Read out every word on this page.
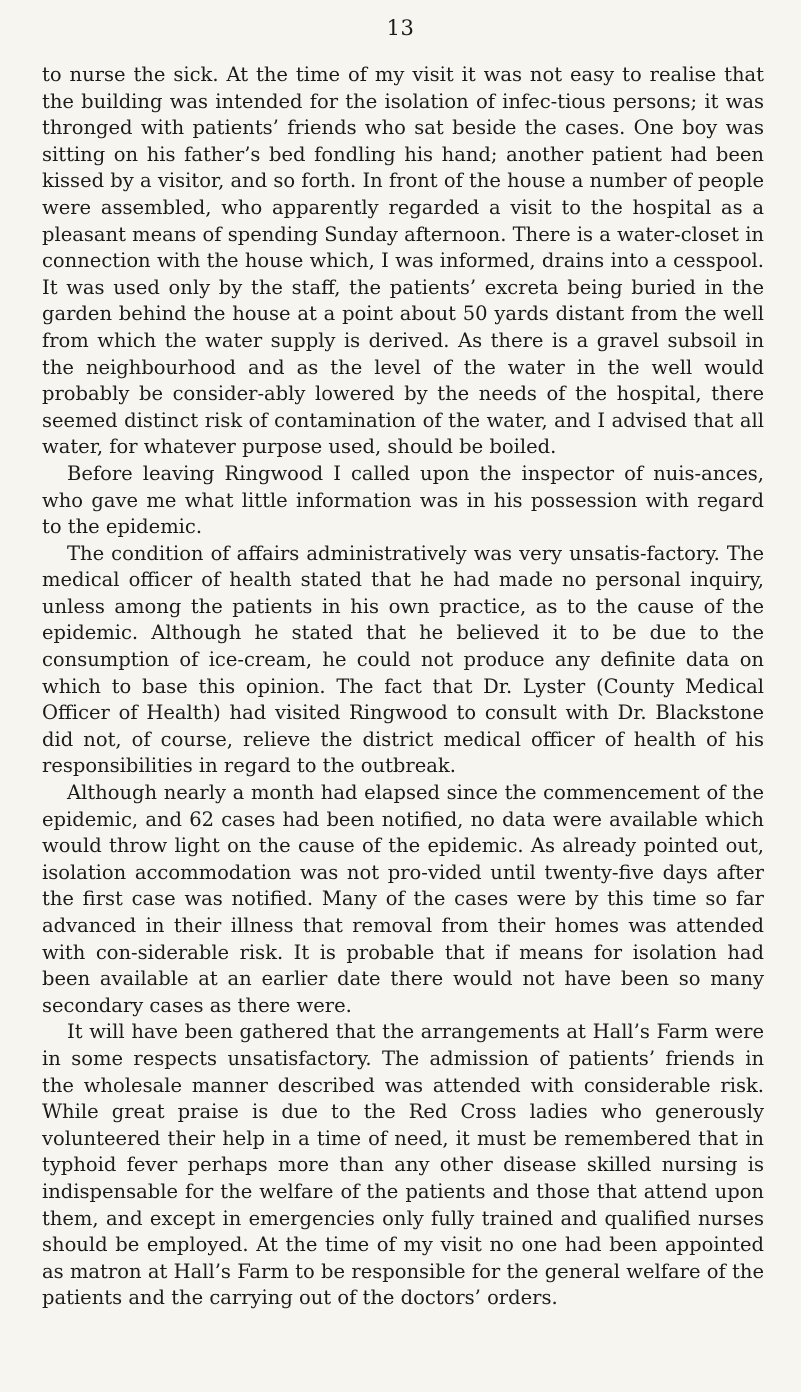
13

to nurse the sick. At the time of my visit it was not easy to realise that the building was intended for the isolation of infec-tious persons; it was thronged with patients’ friends who sat beside the cases. One boy was sitting on his father’s bed fondling his hand; another patient had been kissed by a visitor, and so forth. In front of the house a number of people were assembled, who apparently regarded a visit to the hospital as a pleasant means of spending Sunday afternoon. There is a water-closet in connection with the house which, I was informed, drains into a cesspool. It was used only by the staff, the patients’ excreta being buried in the garden behind the house at a point about 50 yards distant from the well from which the water supply is derived. As there is a gravel subsoil in the neighbourhood and as the level of the water in the well would probably be consider-ably lowered by the needs of the hospital, there seemed distinct risk of contamination of the water, and I advised that all water, for whatever purpose used, should be boiled.

Before leaving Ringwood I called upon the inspector of nuis-ances, who gave me what little information was in his possession with regard to the epidemic.

The condition of affairs administratively was very unsatis-factory. The medical officer of health stated that he had made no personal inquiry, unless among the patients in his own practice, as to the cause of the epidemic. Although he stated that he believed it to be due to the consumption of ice-cream, he could not produce any definite data on which to base this opinion. The fact that Dr. Lyster (County Medical Officer of Health) had visited Ringwood to consult with Dr. Blackstone did not, of course, relieve the district medical officer of health of his responsibilities in regard to the outbreak.

Although nearly a month had elapsed since the commencement of the epidemic, and 62 cases had been notified, no data were available which would throw light on the cause of the epidemic. As already pointed out, isolation accommodation was not pro-vided until twenty-five days after the first case was notified. Many of the cases were by this time so far advanced in their illness that removal from their homes was attended with con-siderable risk. It is probable that if means for isolation had been available at an earlier date there would not have been so many secondary cases as there were.

It will have been gathered that the arrangements at Hall’s Farm were in some respects unsatisfactory. The admission of patients’ friends in the wholesale manner described was attended with considerable risk. While great praise is due to the Red Cross ladies who generously volunteered their help in a time of need, it must be remembered that in typhoid fever perhaps more than any other disease skilled nursing is indispensable for the welfare of the patients and those that attend upon them, and except in emergencies only fully trained and qualified nurses should be employed. At the time of my visit no one had been appointed as matron at Hall’s Farm to be responsible for the general welfare of the patients and the carrying out of the doctors’ orders.
